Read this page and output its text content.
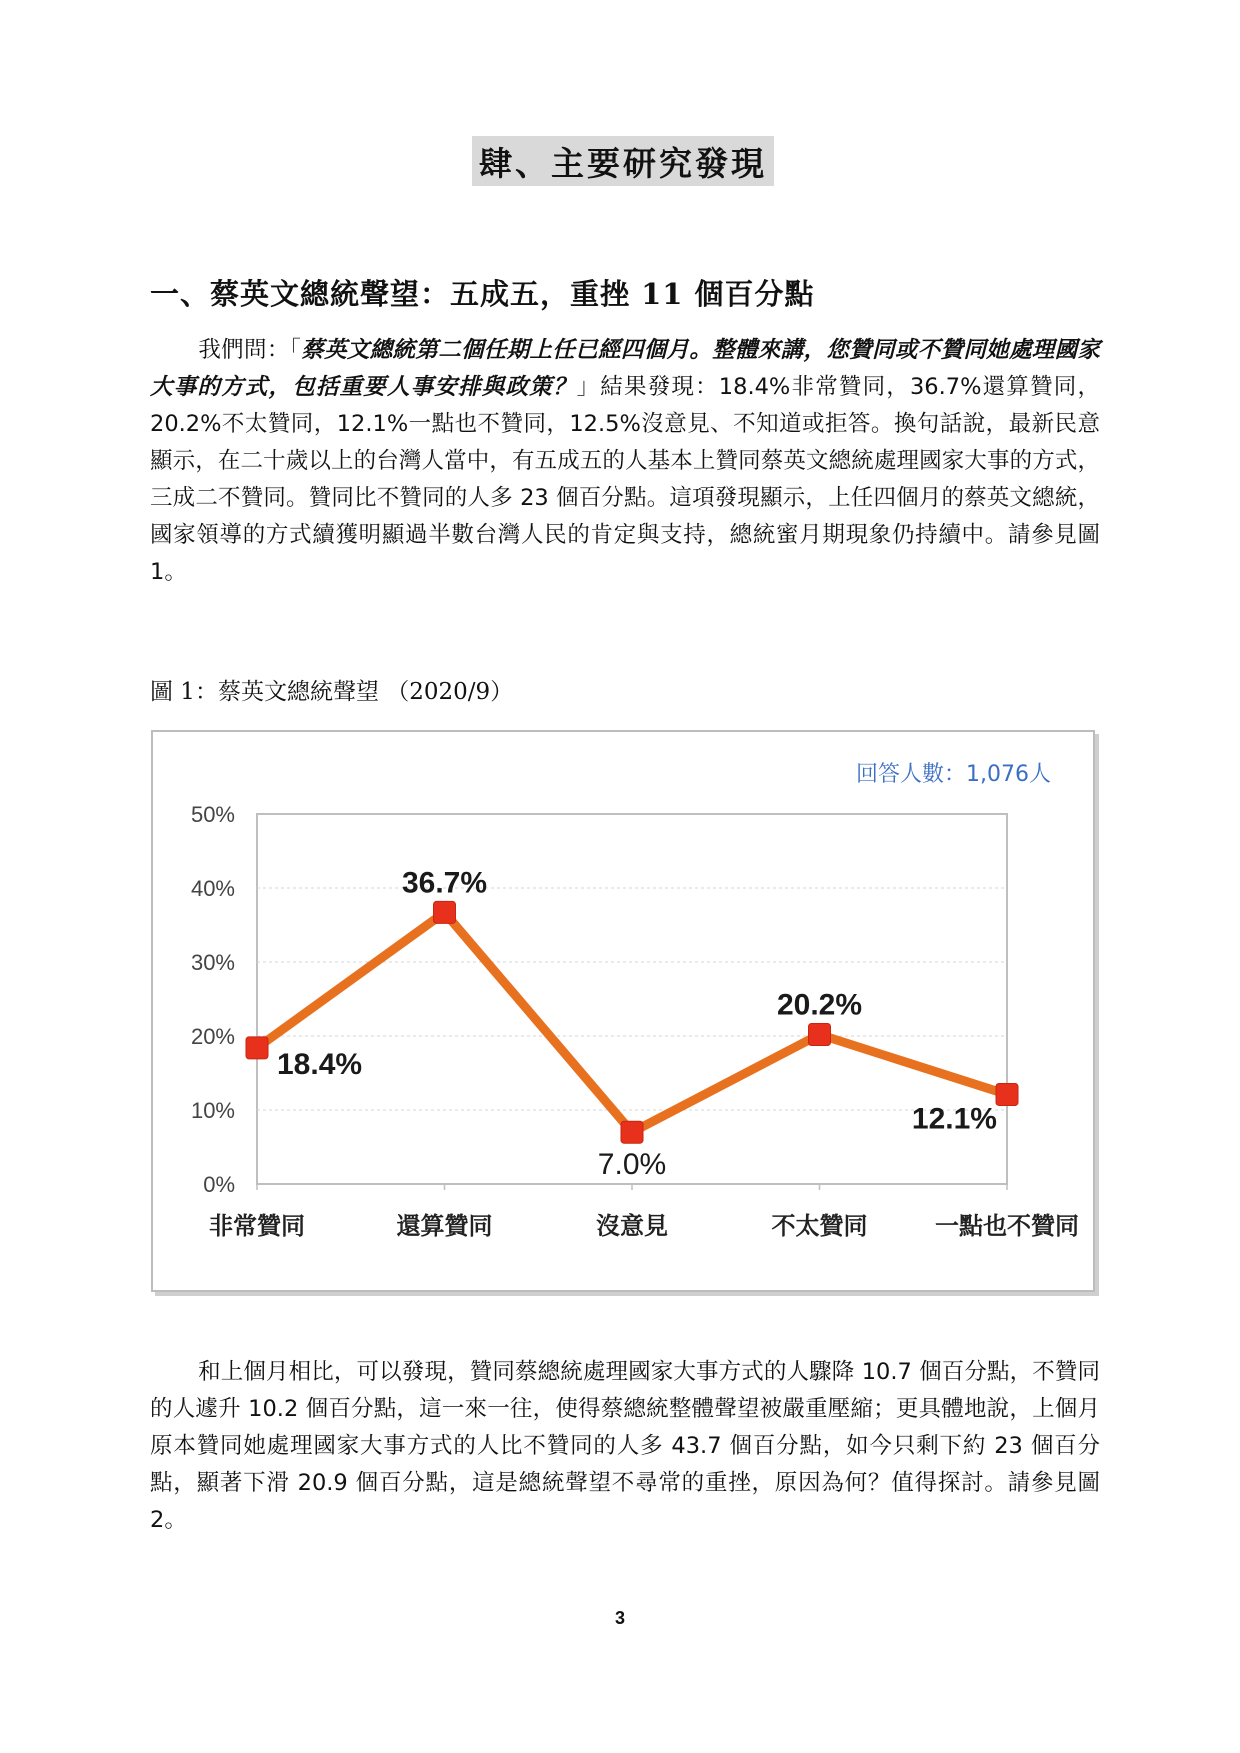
肆、主要研究發現
一、蔡英文總統聲望：五成五，重挫 11 個百分點

我們問：「蔡英文總統第二個任期上任已經四個月。整體來講，您贊同或不贊同她處理國家大事的方式，包括重要人事安排與政策？」結果發現：18.4%非常贊同，36.7%還算贊同，20.2%不太贊同，12.1%一點也不贊同，12.5%沒意見、不知道或拒答。換句話說，最新民意顯示，在二十歲以上的台灣人當中，有五成五的人基本上贊同蔡英文總統處理國家大事的方式，三成二不贊同。贊同比不贊同的人多 23 個百分點。這項發現顯示，上任四個月的蔡英文總統，國家領導的方式續獲明顯過半數台灣人民的肯定與支持，總統蜜月期現象仍持續中。請參見圖 1。

圖 1：蔡英文總統聲望 （2020/9）
0%
10%
20%
30%
40%
50%
非常贊同	還算贊同	沒意見	不太贊同	一點也不贊同
18.4%
36.7%
7.0%
20.2%
12.1%
回答人數：1,076人

和上個月相比，可以發現，贊同蔡總統處理國家大事方式的人驟降 10.7 個百分點，不贊同的人遽升 10.2 個百分點，這一來一往，使得蔡總統整體聲望被嚴重壓縮；更具體地說，上個月原本贊同她處理國家大事方式的人比不贊同的人多 43.7 個百分點，如今只剩下約 23 個百分點，顯著下滑 20.9 個百分點，這是總統聲望不尋常的重挫，原因為何？值得探討。請參見圖 2。

3
